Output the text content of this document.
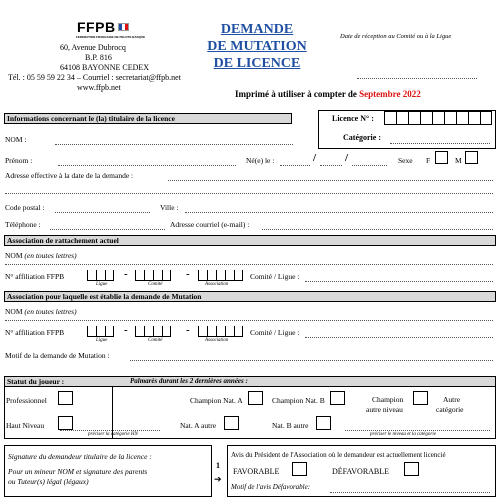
FFPB
FEDERATION FRANCAISE DE PELOTE BASQUE
60, Avenue Dubrocq
B.P. 816
64108 BAYONNE CEDEX
Tél. : 05 59 59 22 34 – Courriel : secretariat@ffpb.net
www.ffpb.net
DEMANDE
DE MUTATION
DE LICENCE
Date de réception au Comité ou à la Ligue
Imprimé à utiliser à compter de Septembre 2022
Informations concernant le (la) titulaire de la licence	Licence N° :
Catégorie :
NOM :
Prénom :	Né(e) le :	/	/	Sexe F	M
Adresse effective à la date de la demande :
Code postal :	Ville :
Téléphone :	Adresse courriel (e-mail) :
Association de rattachement actuel
NOM (en toutes lettres)
N° affiliation FFPB	-	-
Ligue	Comité	Association
Comité / Ligue :
Association pour laquelle est établie la demande de Mutation
NOM (en toutes lettres)
N° affiliation FFPB	-	-
Ligue	Comité	Association
Comité / Ligue :
Motif de la demande de Mutation :
Statut du joueur :	Palmarès durant les 2 dernières années :
Professionnel	Champion Nat. A	Champion Nat. B	Champion
autre niveau
Autre
catégorie
Haut Niveau	Nat. A autre	Nat. B autre
préciser la catégorie HN	préciser le niveau et la catégorie
Signature du demandeur titulaire de la licence :
Pour un mineur NOM et signature des parents
ou Tuteur(s) légal (légaux)
1
➔
Avis du Président de l'Association où le demandeur est actuellement licencié
FAVORABLE	DÉFAVORABLE
Motif de l'avis Défavorable:
